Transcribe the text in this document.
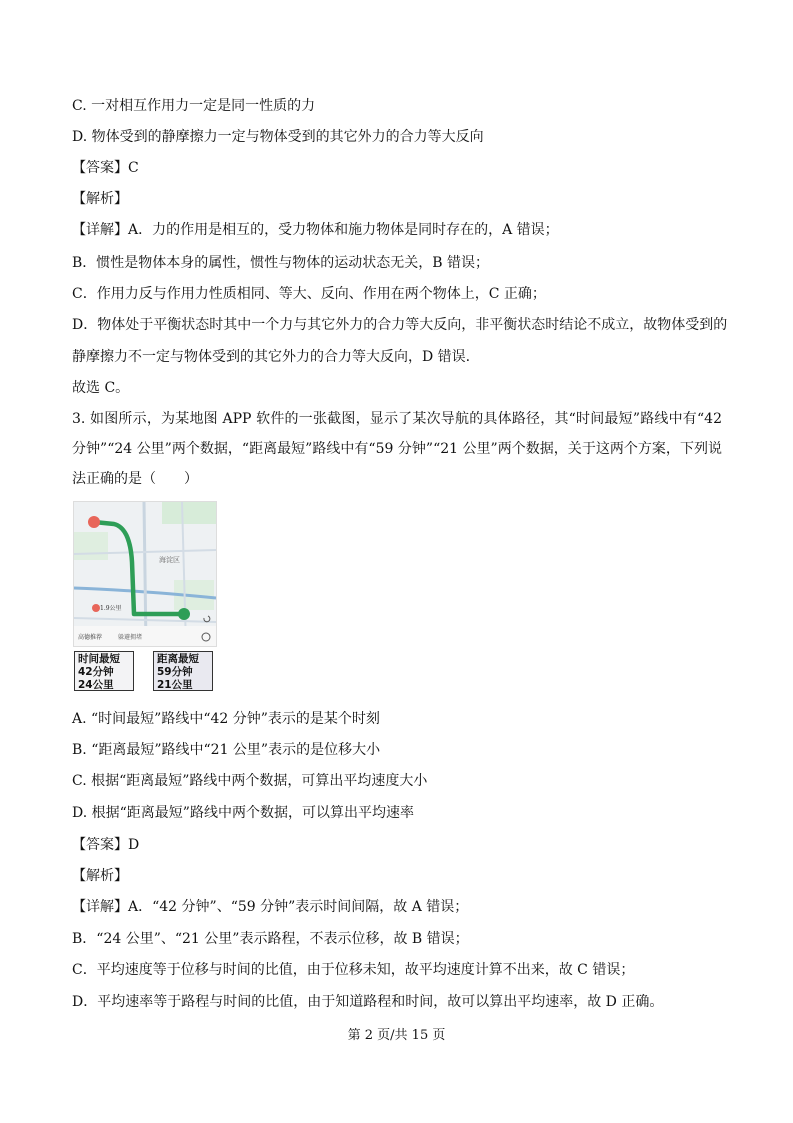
C. 一对相互作用力一定是同一性质的力
D. 物体受到的静摩擦力一定与物体受到的其它外力的合力等大反向
【答案】C
【解析】
【详解】A．力的作用是相互的，受力物体和施力物体是同时存在的，A 错误；
B．惯性是物体本身的属性，惯性与物体的运动状态无关，B 错误；
C．作用力反与作用力性质相同、等大、反向、作用在两个物体上，C 正确；
D．物体处于平衡状态时其中一个力与其它外力的合力等大反向，非平衡状态时结论不成立，故物体受到的
静摩擦力不一定与物体受到的其它外力的合力等大反向，D 错误.
故选 C。
3. 如图所示，为某地图 APP 软件的一张截图，显示了某次导航的具体路径，其“时间最短”路线中有“42 分钟”“24 公里”两个数据，“距离最短”路线中有“59 分钟”“21 公里”两个数据，关于这两个方案，下列说法正确的是（　　）
高德推荐	躲避拥堵
海淀区
1.9公里
时间最短
42分钟
24公里
距离最短
59分钟
21公里
A. “时间最短”路线中“42 分钟”表示的是某个时刻
B. “距离最短”路线中“21 公里”表示的是位移大小
C. 根据“距离最短”路线中两个数据，可算出平均速度大小
D. 根据“距离最短”路线中两个数据，可以算出平均速率
【答案】D
【解析】
【详解】A．“42 分钟”、“59 分钟”表示时间间隔，故 A 错误；
B．“24 公里”、“21 公里”表示路程，不表示位移，故 B 错误；
C．平均速度等于位移与时间的比值，由于位移未知，故平均速度计算不出来，故 C 错误；
D．平均速率等于路程与时间的比值，由于知道路程和时间，故可以算出平均速率，故 D 正确。
第 2 页/共 15 页
